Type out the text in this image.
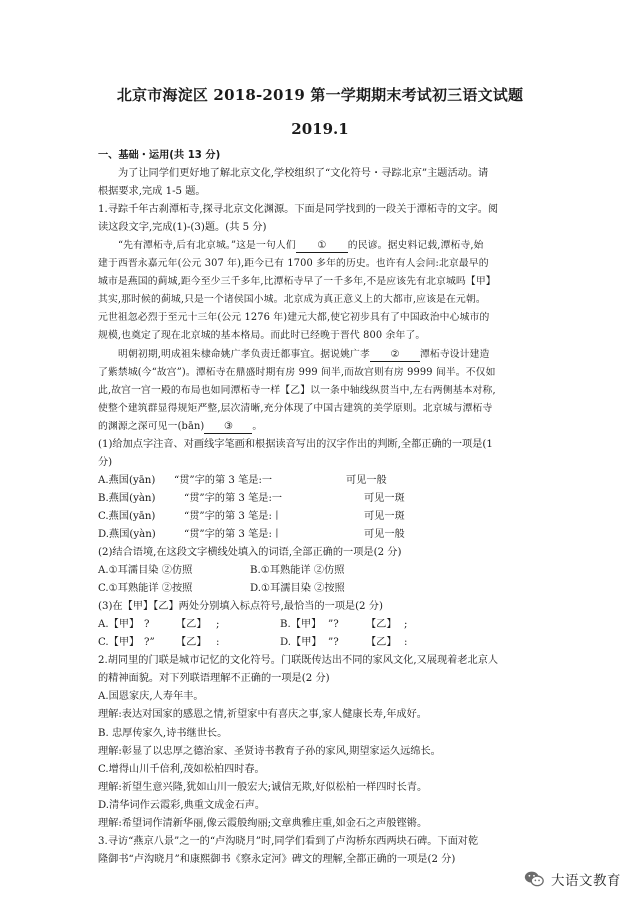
北京市海淀区 2018-2019 第一学期期末考试初三语文试题
2019.1
一、基础・运用(共 13 分)
为了让同学们更好地了解北京文化,学校组织了“文化符号・寻踪北京”主题活动。请
根据要求,完成 1-5 题。
1.寻踪千年古刹潭柘寺,探寻北京文化渊源。下面是同学找到的一段关于潭柘寺的文字。阅
读这段文字,完成(1)-(3)题。(共 5 分)
“先有潭柘寺,后有北京城。”这是一句人们 ① 的民谚。据史料记载,潭柘寺,始
建于西晋永嘉元年(公元 307 年),距今已有 1700 多年的历史。也许有人会问:北京最早的
城市是燕国的蓟城,距今至少三千多年,比潭柘寺早了一千多年,不是应该先有北京城吗【甲】
其实,那时候的蓟城,只是一个诸侯国小城。北京成为真正意义上的大都市,应该是在元朝。
元世祖忽必烈于至元十三年(公元 1276 年)建元大都,使它初步具有了中国政治中心城市的
规模,也奠定了现在北京城的基本格局。而此时已经晚于晋代 800 余年了。
明朝初期,明成祖朱棣命姚广孝负责迁都事宜。据说姚广孝 ② 潭柘寺设计建造
了紫禁城(今“故宫”)。潭柘寺在鼎盛时期有房 999 间半,而故宫则有房 9999 间半。不仅如
此,故宫一宫一殿的布局也如同潭柘寺一样【乙】以一条中轴线纵贯当中,左右两侧基本对称,
使整个建筑群显得规矩严整,层次清晰,充分体现了中国古建筑的美学原则。北京城与潭柘寺
的渊源之深可见一(bān) ③ 。
(1)给加点字注音、对画线字笔画和根据读音写出的汉字作出的判断,全都正确的一项是(1
分)
A.燕国(yān) “贯”字的第 3 笔是:一	可见一般
B.燕国(yàn)	“贯”字的第 3 笔是:一	可见一斑
C.燕国(yān)	“贯”字的第 3 笔是:丨	可见一斑
D.燕国(yàn)	“贯”字的第 3 笔是:丨	可见一般
(2)结合语境,在这段文字横线处填入的词语,全部正确的一项是(2 分)
A.①耳濡目染 ②仿照	B.①耳熟能详 ②仿照
C.①耳熟能详 ②按照	D.①耳濡目染 ②按照
(3)在【甲】【乙】两处分别填入标点符号,最恰当的一项是(2 分)
A.【甲】 ?	【乙】 ;	B.【甲】 ”?	【乙】 ;
C.【甲】 ?” 【乙】 :	D.【甲】 ”?	【乙】 :
2.胡同里的门联是城市记忆的文化符号。门联既传达出不同的家风文化,又展现着老北京人
的精神面貌。对下列联语理解不正确的一项是(2 分)
A.国恩家庆,人寿年丰。
理解:表达对国家的感恩之情,祈望家中有喜庆之事,家人健康长寿,年成好。
B. 忠厚传家久,诗书继世长。
理解:彰显了以忠厚之德治家、圣贤诗书教育子孙的家风,期望家运久远绵长。
C.增得山川千倍利,茂如松柏四时春。
理解:祈望生意兴隆,犹如山川一般宏大;诚信无欺,好似松柏一样四时长青。
D.清华词作云霞彩,典重文成金石声。
理解:希望词作清新华丽,像云霞般绚丽;文章典雅庄重,如金石之声般铿锵。
3.寻访“燕京八景”之一的“卢沟晓月”时,同学们看到了卢沟桥东西两块石碑。下面对乾
隆御书“卢沟晓月”和康熙御书《察永定河》碑文的理解,全都正确的一项是(2 分)
大语文教育
